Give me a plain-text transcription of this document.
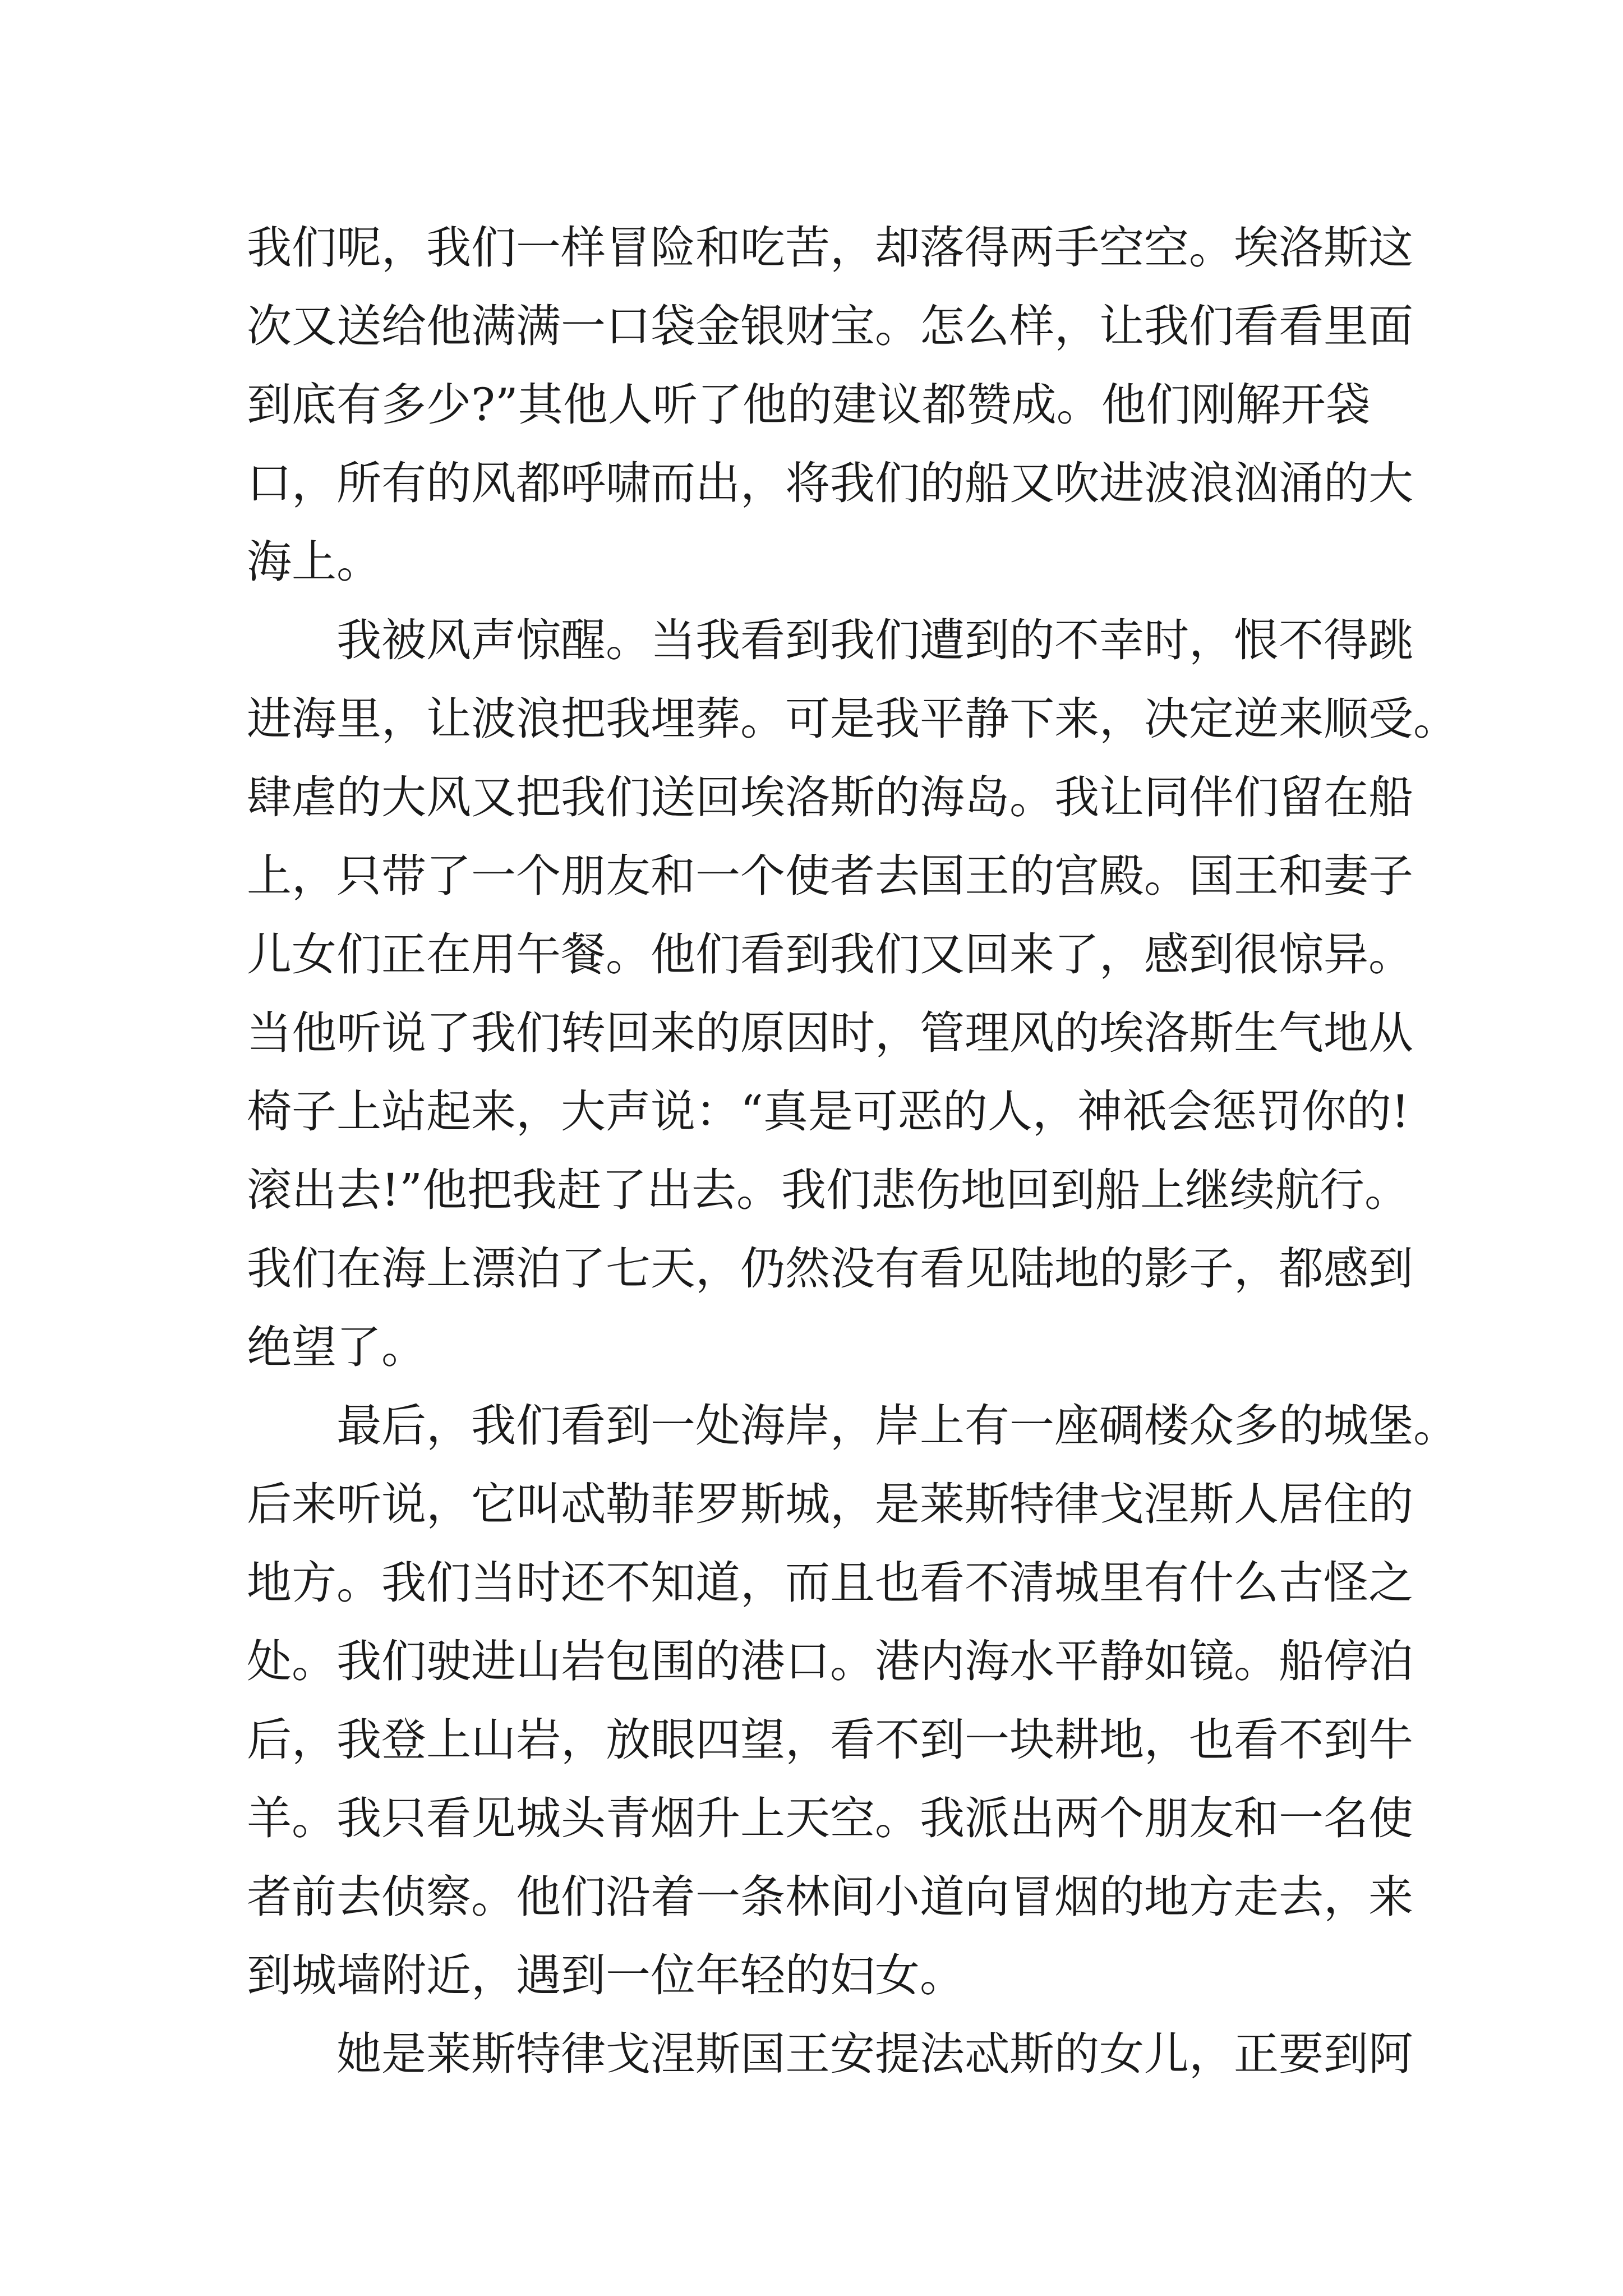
我们呢，我们一样冒险和吃苦，却落得两手空空。埃洛斯这
次又送给他满满一口袋金银财宝。怎么样，让我们看看里面
到底有多少?”其他人听了他的建议都赞成。他们刚解开袋
口，所有的风都呼啸而出，将我们的船又吹进波浪汹涌的大
海上。
我被风声惊醒。当我看到我们遭到的不幸时，恨不得跳
进海里，让波浪把我埋葬。可是我平静下来，决定逆来顺受。
肆虐的大风又把我们送回埃洛斯的海岛。我让同伴们留在船
上，只带了一个朋友和一个使者去国王的宫殿。国王和妻子
儿女们正在用午餐。他们看到我们又回来了，感到很惊异。
当他听说了我们转回来的原因时，管理风的埃洛斯生气地从
椅子上站起来，大声说：“真是可恶的人，神祇会惩罚你的!
滚出去!”他把我赶了出去。我们悲伤地回到船上继续航行。
我们在海上漂泊了七天，仍然没有看见陆地的影子，都感到
绝望了。
最后，我们看到一处海岸，岸上有一座碉楼众多的城堡。
后来听说，它叫忒勒菲罗斯城，是莱斯特律戈涅斯人居住的
地方。我们当时还不知道，而且也看不清城里有什么古怪之
处。我们驶进山岩包围的港口。港内海水平静如镜。船停泊
后，我登上山岩，放眼四望，看不到一块耕地，也看不到牛
羊。我只看见城头青烟升上天空。我派出两个朋友和一名使
者前去侦察。他们沿着一条林间小道向冒烟的地方走去，来
到城墙附近，遇到一位年轻的妇女。
她是莱斯特律戈涅斯国王安提法忒斯的女儿，正要到阿
